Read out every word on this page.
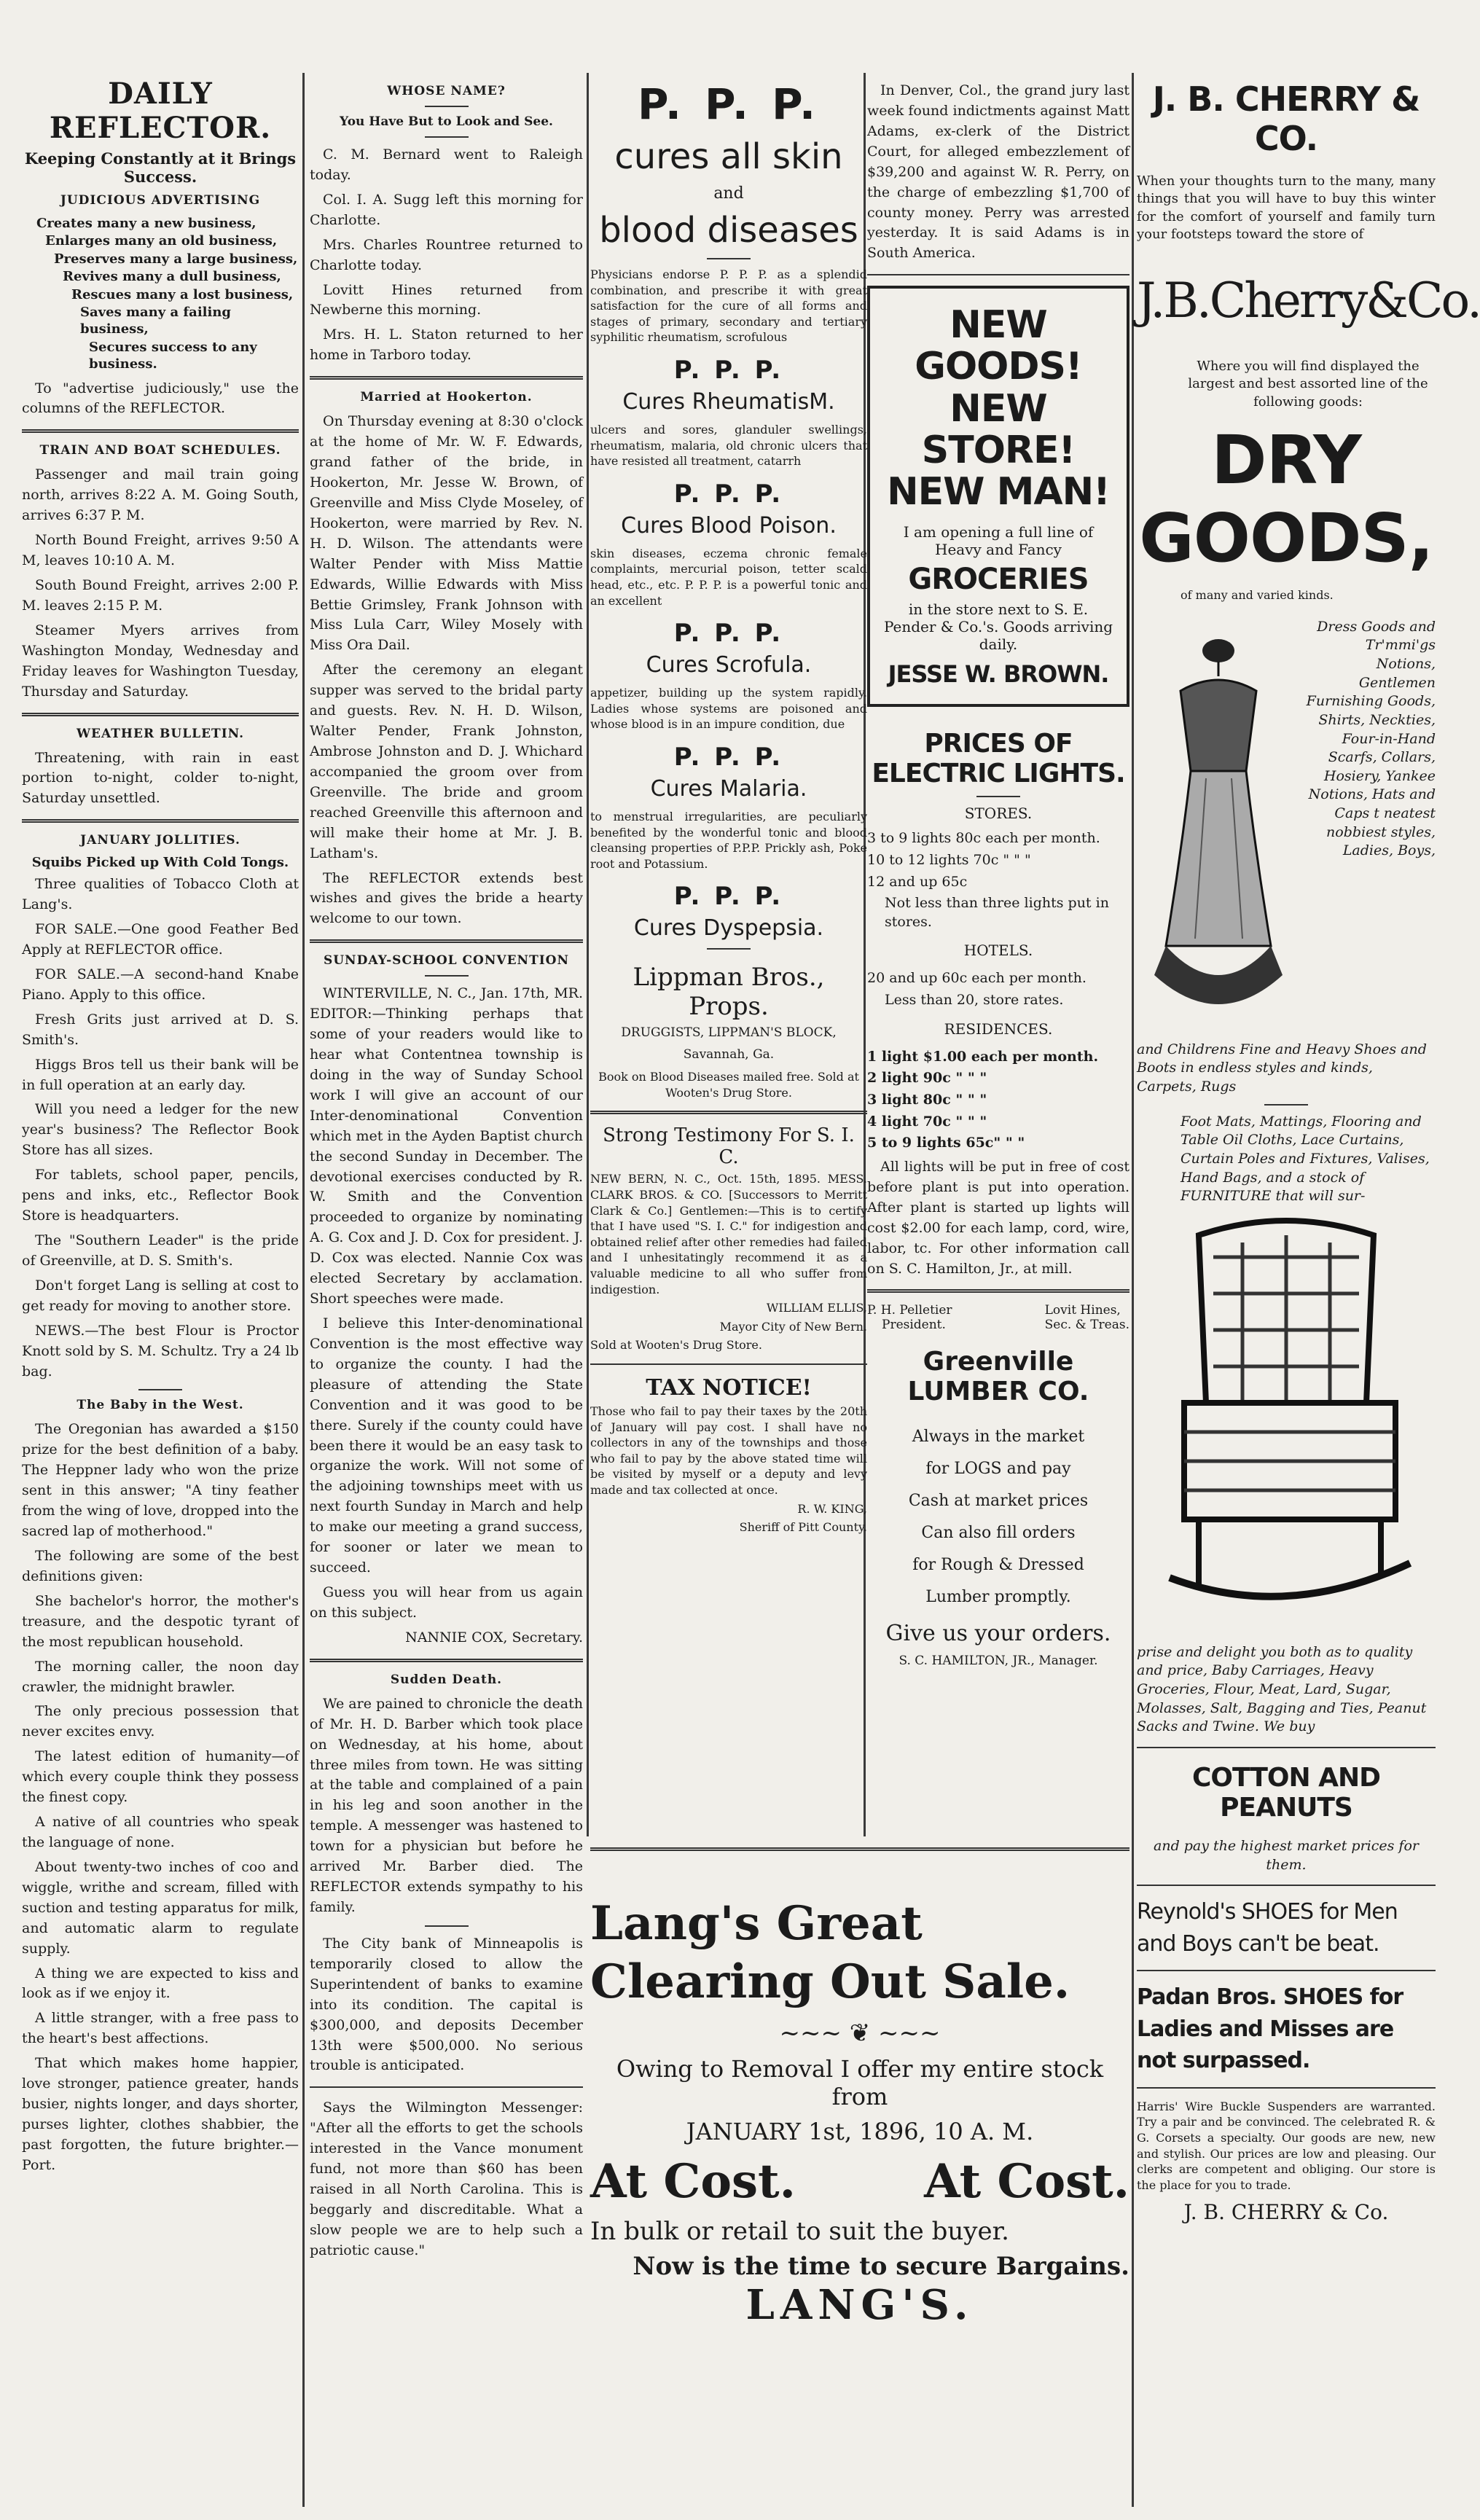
DAILY REFLECTOR.
Keeping Constantly at it Brings Success.
JUDICIOUS ADVERTISING
Creates many a new business,
Enlarges many an old business,
Preserves many a large business,
Revives many a dull business,
Rescues many a lost business,
Saves many a failing business,
Secures success to any business.

To "advertise judiciously," use the columns of the REFLECTOR.

TRAIN AND BOAT SCHEDULES.

Passenger and mail train going north, arrives 8:22 A. M. Going South, arrives 6:37 P. M.

North Bound Freight, arrives 9:50 A M, leaves 10:10 A. M.

South Bound Freight, arrives 2:00 P. M. leaves 2:15 P. M.

Steamer Myers arrives from Washington Monday, Wednesday and Friday leaves for Washington Tuesday, Thursday and Saturday.

WEATHER BULLETIN.

Threatening, with rain in east portion to-night, colder to-night, Saturday unsettled.

JANUARY JOLLITIES.
Squibs Picked up With Cold Tongs.

Three qualities of Tobacco Cloth at Lang's.

FOR SALE.—One good Feather Bed Apply at REFLECTOR office.

FOR SALE.—A second-hand Knabe Piano. Apply to this office.

Fresh Grits just arrived at D. S. Smith's.

Higgs Bros tell us their bank will be in full operation at an early day.

Will you need a ledger for the new year's business? The Reflector Book Store has all sizes.

For tablets, school paper, pencils, pens and inks, etc., Reflector Book Store is headquarters.

The "Southern Leader" is the pride of Greenville, at D. S. Smith's.

Don't forget Lang is selling at cost to get ready for moving to another store.

NEWS.—The best Flour is Proctor Knott sold by S. M. Schultz. Try a 24 lb bag.

The Baby in the West.

The Oregonian has awarded a $150 prize for the best definition of a baby. The Heppner lady who won the prize sent in this answer; "A tiny feather from the wing of love, dropped into the sacred lap of motherhood."

The following are some of the best definitions given:

She bachelor's horror, the mother's treasure, and the despotic tyrant of the most republican household.

The morning caller, the noon day crawler, the midnight brawler.

The only precious possession that never excites envy.

The latest edition of humanity—of which every couple think they possess the finest copy.

A native of all countries who speak the language of none.

About twenty-two inches of coo and wiggle, writhe and scream, filled with suction and testing apparatus for milk, and automatic alarm to regulate supply.

A thing we are expected to kiss and look as if we enjoy it.

A little stranger, with a free pass to the heart's best affections.

That which makes home happier, love stronger, patience greater, hands busier, nights longer, and days shorter, purses lighter, clothes shabbier, the past forgotten, the future brighter.—Port.

WHOSE NAME?
You Have But to Look and See.

C. M. Bernard went to Raleigh today.

Col. I. A. Sugg left this morning for Charlotte.

Mrs. Charles Rountree returned to Charlotte today.

Lovitt Hines returned from Newberne this morning.

Mrs. H. L. Staton returned to her home in Tarboro today.

Married at Hookerton.

On Thursday evening at 8:30 o'clock at the home of Mr. W. F. Edwards, grand father of the bride, in Hookerton, Mr. Jesse W. Brown, of Greenville and Miss Clyde Moseley, of Hookerton, were married by Rev. N. H. D. Wilson. The attendants were Walter Pender with Miss Mattie Edwards, Willie Edwards with Miss Bettie Grimsley, Frank Johnson with Miss Lula Carr, Wiley Mosely with Miss Ora Dail.

After the ceremony an elegant supper was served to the bridal party and guests. Rev. N. H. D. Wilson, Walter Pender, Frank Johnston, Ambrose Johnston and D. J. Whichard accompanied the groom over from Greenville. The bride and groom reached Greenville this afternoon and will make their home at Mr. J. B. Latham's.

The REFLECTOR extends best wishes and gives the bride a hearty welcome to our town.

SUNDAY-SCHOOL CONVENTION

WINTERVILLE, N. C., Jan. 17th, MR. EDITOR:—Thinking perhaps that some of your readers would like to hear what Contentnea township is doing in the way of Sunday School work I will give an account of our Inter-denominational Convention which met in the Ayden Baptist church the second Sunday in December. The devotional exercises conducted by R. W. Smith and the Convention proceeded to organize by nominating A. G. Cox and J. D. Cox for president. J. D. Cox was elected. Nannie Cox was elected Secretary by acclamation. Short speeches were made.

I believe this Inter-denominational Convention is the most effective way to organize the county. I had the pleasure of attending the State Convention and it was good to be there. Surely if the county could have been there it would be an easy task to organize the work. Will not some of the adjoining townships meet with us next fourth Sunday in March and help to make our meeting a grand success, for sooner or later we mean to succeed.

Guess you will hear from us again on this subject.

NANNIE COX, Secretary.

Sudden Death.

We are pained to chronicle the death of Mr. H. D. Barber which took place on Wednesday, at his home, about three miles from town. He was sitting at the table and complained of a pain in his leg and soon another in the temple. A messenger was hastened to town for a physician but before he arrived Mr. Barber died. The REFLECTOR extends sympathy to his family.

The City bank of Minneapolis is temporarily closed to allow the Superintendent of banks to examine into its condition. The capital is $300,000, and deposits December 13th were $500,000. No serious trouble is anticipated.

Says the Wilmington Messenger: "After all the efforts to get the schools interested in the Vance monument fund, not more than $60 has been raised in all North Carolina. This is beggarly and discreditable. What a slow people we are to help such a patriotic cause."

P. P. P.
cures all skin
and
blood diseases
Physicians endorse P. P. P. as a splendid combination, and prescribe it with great satisfaction for the cure of all forms and stages of primary, secondary and tertiary syphilitic rheumatism, scrofulous
P. P. P.
Cures RheumatisM.
ulcers and sores, glanduler swellings, rheumatism, malaria, old chronic ulcers that have resisted all treatment, catarrh
P. P. P.
Cures Blood Poison.
skin diseases, eczema chronic female complaints, mercurial poison, tetter scald head, etc., etc. P. P. P. is a powerful tonic and an excellent
P. P. P.
Cures Scrofula.
appetizer, building up the system rapidly. Ladies whose systems are poisoned and whose blood is in an impure condition, due
P. P. P.
Cures Malaria.
to menstrual irregularities, are peculiarly benefited by the wonderful tonic and blood cleansing properties of P.P.P. Prickly ash, Poke root and Potassium.
P. P. P.
Cures Dyspepsia.
Lippman Bros., Props.
DRUGGISTS, LIPPMAN'S BLOCK,
Savannah, Ga.
Book on Blood Diseases mailed free. Sold at Wooten's Drug Store.
Strong Testimony For S. I. C.
NEW BERN, N. C., Oct. 15th, 1895. MESS. CLARK BROS. & CO. [Successors to Merritt Clark & Co.] Gentlemen:—This is to certify that I have used "S. I. C." for indigestion and obtained relief after other remedies had failed and I unhesitatingly recommend it as a valuable medicine to all who suffer from indigestion.
WILLIAM ELLIS,
Mayor City of New Bern.
Sold at Wooten's Drug Store.
TAX NOTICE!
Those who fail to pay their taxes by the 20th of January will pay cost. I shall have no collectors in any of the townships and those who fail to pay by the above stated time will be visited by myself or a deputy and levy made and tax collected at once.
R. W. KING,
Sheriff of Pitt County.

In Denver, Col., the grand jury last week found indictments against Matt Adams, ex-clerk of the District Court, for alleged embezzlement of $39,200 and against W. R. Perry, on the charge of embezzling $1,700 of county money. Perry was arrested yesterday. It is said Adams is in South America.

NEW GOODS!
NEW STORE!
NEW MAN!
I am opening a full line of Heavy and Fancy
GROCERIES
in the store next to S. E. Pender & Co.'s. Goods arriving daily.
JESSE W. BROWN.
PRICES OF ELECTRIC LIGHTS.
STORES.
3 to 9 lights 80c each per month.
10 to 12 lights 70c " " "
12 and up 65c
Not less than three lights put in stores.
HOTELS.
20 and up 60c each per month.
Less than 20, store rates.
RESIDENCES.
1 light $1.00 each per month.
2 light 90c " " "
3 light 80c " " "
4 light 70c " " "
5 to 9 lights 65c" " "

All lights will be put in free of cost before plant is put into operation. After plant is started up lights will cost $2.00 for each lamp, cord, wire, labor, tc. For other information call on S. C. Hamilton, Jr., at mill.

P. H. Pelletier
President.
Lovit Hines,
Sec. & Treas.
Greenville LUMBER CO.
Always in the market
for LOGS and pay
Cash at market prices
Can also fill orders
for Rough & Dressed
Lumber promptly.
Give us your orders.
S. C. HAMILTON, JR., Manager.
Lang's Great
Clearing Out Sale.
~~~ ❦ ~~~
Owing to Removal I offer my entire stock from
JANUARY 1st, 1896, 10 A. M.
At Cost.	At Cost.
In bulk or retail to suit the buyer.
Now is the time to secure Bargains.
LANG'S.
J. B. CHERRY & CO.
When your thoughts turn to the many, many things that you will have to buy this winter for the comfort of yourself and family turn your footsteps toward the store of
J.B.Cherry&Co.
Where you will find displayed the largest and best assorted line of the following goods:
DRY GOODS,
of many and varied kinds.
Dress Goods and Tr'mmi'gs Notions, Gentlemen Furnishing Goods, Shirts, Neckties, Four-in-Hand Scarfs, Collars, Hosiery, Yankee Notions, Hats and Caps t neatest nobbiest styles, Ladies, Boys,
and Childrens Fine and Heavy Shoes and Boots in endless styles and kinds, Carpets, Rugs
Foot Mats, Mattings, Flooring and Table Oil Cloths, Lace Curtains, Curtain Poles and Fixtures, Valises, Hand Bags, and a stock of FURNITURE that will sur-
prise and delight you both as to quality and price, Baby Carriages, Heavy Groceries, Flour, Meat, Lard, Sugar, Molasses, Salt, Bagging and Ties, Peanut Sacks and Twine. We buy
COTTON AND PEANUTS
and pay the highest market prices for them.
Reynold's SHOES for Men and Boys can't be beat.
Padan Bros. SHOES for Ladies and Misses are not surpassed.
Harris' Wire Buckle Suspenders are warranted. Try a pair and be convinced. The celebrated R. & G. Corsets a specialty. Our goods are new, new and stylish. Our prices are low and pleasing. Our clerks are competent and obliging. Our store is the place for you to trade.
J. B. CHERRY & Co.
